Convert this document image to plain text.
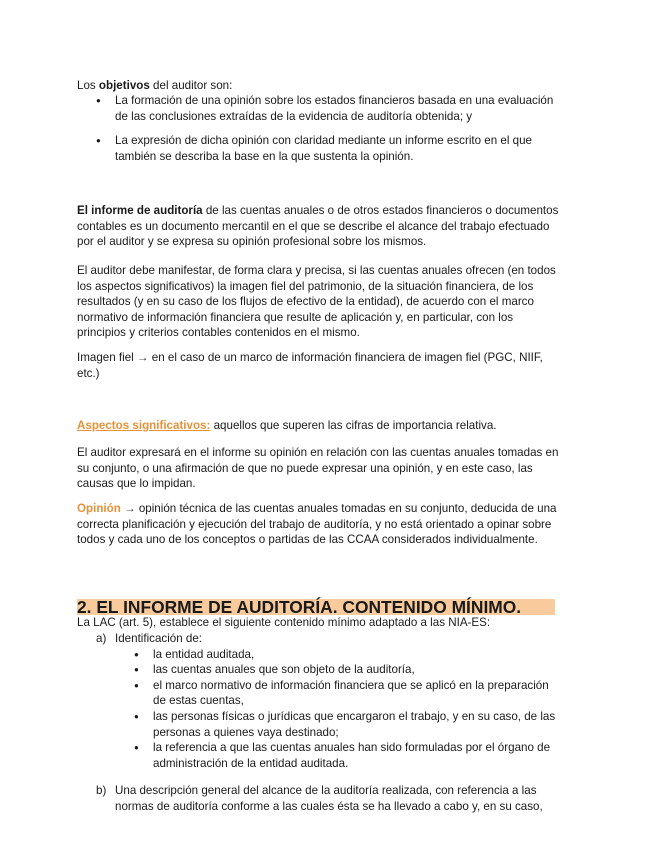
Los objetivos del auditor son:

● La formación de una opinión sobre los estados financieros basada en una evaluación de las conclusiones extraídas de la evidencia de auditoría obtenida; y
● La expresión de dicha opinión con claridad mediante un informe escrito en el que también se describa la base en la que sustenta la opinión.

El informe de auditoría de las cuentas anuales o de otros estados financieros o documentos contables es un documento mercantil en el que se describe el alcance del trabajo efectuado por el auditor y se expresa su opinión profesional sobre los mismos.

El auditor debe manifestar, de forma clara y precisa, si las cuentas anuales ofrecen (en todos los aspectos significativos) la imagen fiel del patrimonio, de la situación financiera, de los resultados (y en su caso de los flujos de efectivo de la entidad), de acuerdo con el marco normativo de información financiera que resulte de aplicación y, en particular, con los principios y criterios contables contenidos en el mismo.

Imagen fiel → en el caso de un marco de información financiera de imagen fiel (PGC, NIIF, etc.)

Aspectos significativos: aquellos que superen las cifras de importancia relativa.

El auditor expresará en el informe su opinión en relación con las cuentas anuales tomadas en su conjunto, o una afirmación de que no puede expresar una opinión, y en este caso, las causas que lo impidan.

Opinión → opinión técnica de las cuentas anuales tomadas en su conjunto, deducida de una correcta planificación y ejecución del trabajo de auditoría, y no está orientado a opinar sobre todos y cada uno de los conceptos o partidas de las CCAA considerados individualmente.

2. EL INFORME DE AUDITORÍA. CONTENIDO MÍNIMO.

La LAC (art. 5), establece el siguiente contenido mínimo adaptado a las NIA-ES:

a) Identificación de:
● la entidad auditada,
● las cuentas anuales que son objeto de la auditoría,
● el marco normativo de información financiera que se aplicó en la preparación de estas cuentas,
● las personas físicas o jurídicas que encargaron el trabajo, y en su caso, de las personas a quienes vaya destinado;
● la referencia a que las cuentas anuales han sido formuladas por el órgano de administración de la entidad auditada.
b) Una descripción general del alcance de la auditoría realizada, con referencia a las normas de auditoría conforme a las cuales ésta se ha llevado a cabo y, en su caso,
